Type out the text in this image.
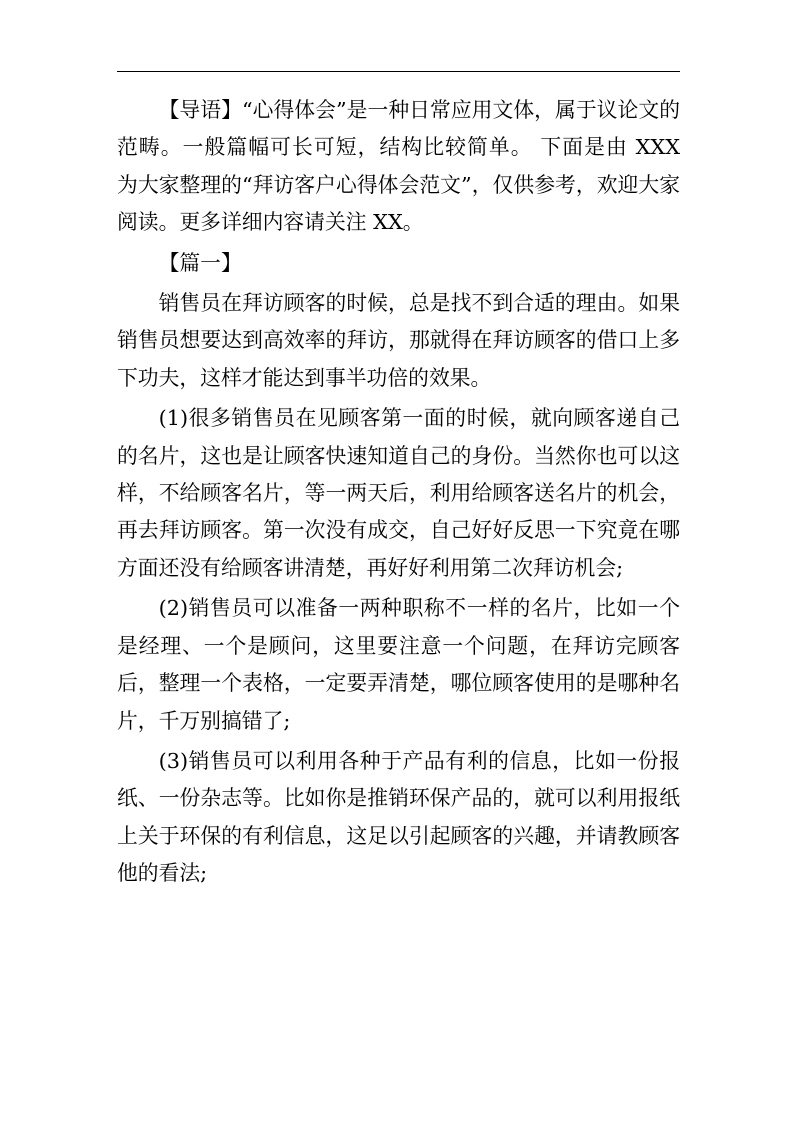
【导语】“心得体会”是一种日常应用文体，属于议论文的范畴。一般篇幅可长可短，结构比较简单。 下面是由 XXX 为大家整理的“拜访客户心得体会范文”，仅供参考，欢迎大家阅读。更多详细内容请关注 XX。

【篇一】

销售员在拜访顾客的时候，总是找不到合适的理由。如果销售员想要达到高效率的拜访，那就得在拜访顾客的借口上多下功夫，这样才能达到事半功倍的效果。

(1)很多销售员在见顾客第一面的时候，就向顾客递自己的名片，这也是让顾客快速知道自己的身份。当然你也可以这样，不给顾客名片，等一两天后，利用给顾客送名片的机会，再去拜访顾客。第一次没有成交，自己好好反思一下究竟在哪方面还没有给顾客讲清楚，再好好利用第二次拜访机会;

(2)销售员可以准备一两种职称不一样的名片，比如一个是经理、一个是顾问，这里要注意一个问题，在拜访完顾客后，整理一个表格，一定要弄清楚，哪位顾客使用的是哪种名片，千万别搞错了;

(3)销售员可以利用各种于产品有利的信息，比如一份报纸、一份杂志等。比如你是推销环保产品的，就可以利用报纸上关于环保的有利信息，这足以引起顾客的兴趣，并请教顾客他的看法;
